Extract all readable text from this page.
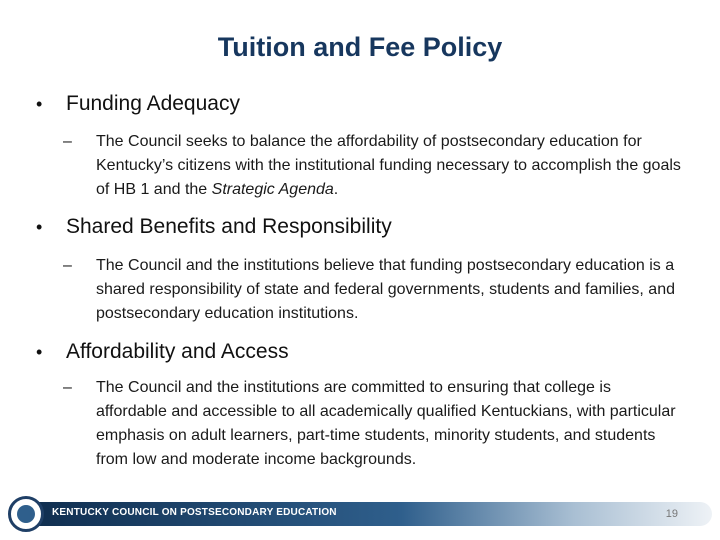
Tuition and Fee Policy
•	Funding Adequacy
–	The Council seeks to balance the affordability of postsecondary education for Kentucky’s citizens with the institutional funding necessary to accomplish the goals of HB 1 and the Strategic Agenda.
•	Shared Benefits and Responsibility
–	The Council and the institutions believe that funding postsecondary education is a shared responsibility of state and federal governments, students and families, and postsecondary education institutions.
•	Affordability and Access
–	The Council and the institutions are committed to ensuring that college is affordable and accessible to all academically qualified Kentuckians, with particular emphasis on adult learners, part-time students, minority students, and students from low and moderate income backgrounds.
KENTUCKY COUNCIL ON POSTSECONDARY EDUCATION	19
